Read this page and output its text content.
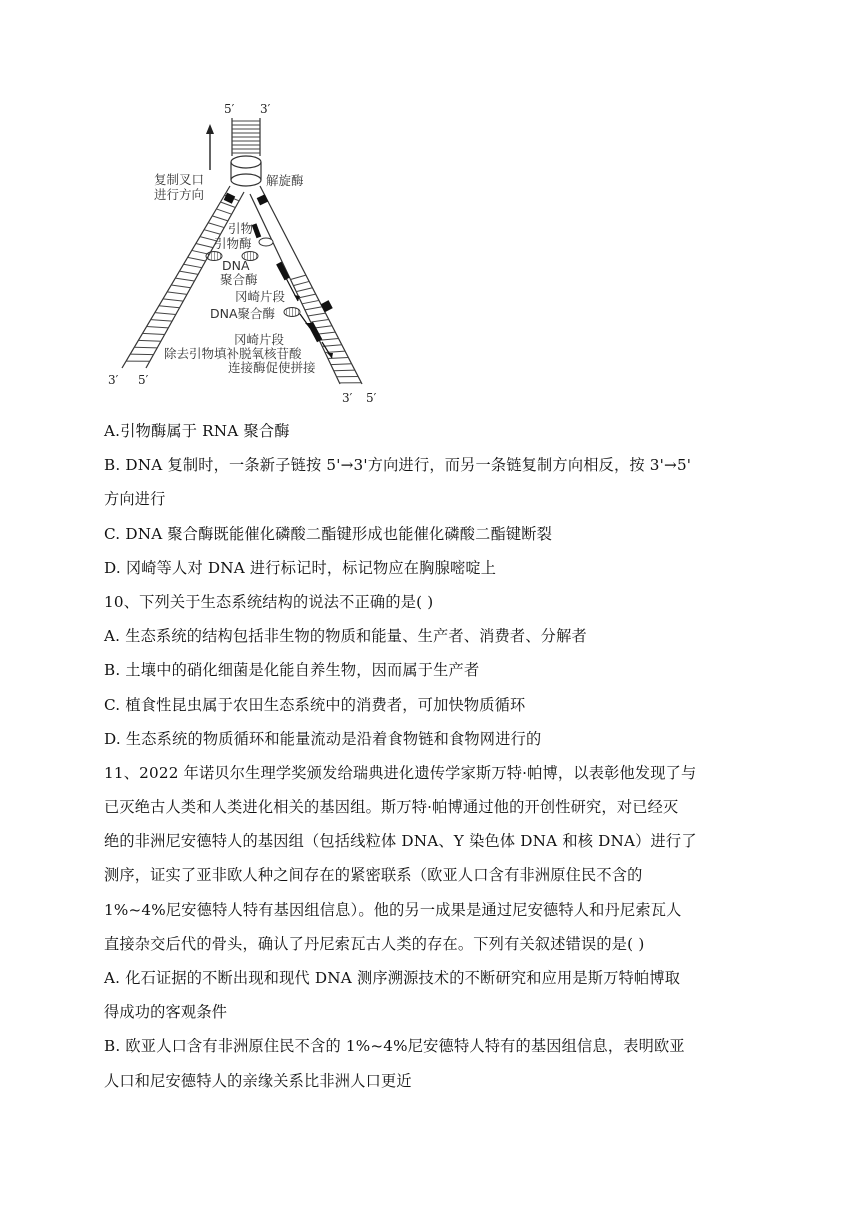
5′ 3′
复制叉口
进行方向
解旋酶
引物
引物酶
DNA
聚合酶
冈崎片段
DNA聚合酶
冈崎片段
除去引物填补脱氧核苷酸
连接酶促使拼接
3′ 5′
3′ 5′
A.引物酶属于 RNA 聚合酶
B. DNA 复制时，一条新子链按 5'→3'方向进行，而另一条链复制方向相反，按 3'→5'
方向进行
C. DNA 聚合酶既能催化磷酸二酯键形成也能催化磷酸二酯键断裂
D. 冈崎等人对 DNA 进行标记时，标记物应在胸腺嘧啶上
10、下列关于生态系统结构的说法不正确的是( )
A. 生态系统的结构包括非生物的物质和能量、生产者、消费者、分解者
B. 土壤中的硝化细菌是化能自养生物，因而属于生产者
C. 植食性昆虫属于农田生态系统中的消费者，可加快物质循环
D. 生态系统的物质循环和能量流动是沿着食物链和食物网进行的
11、2022 年诺贝尔生理学奖颁发给瑞典进化遗传学家斯万特·帕博，以表彰他发现了与
已灭绝古人类和人类进化相关的基因组。斯万特·帕博通过他的开创性研究，对已经灭
绝的非洲尼安德特人的基因组（包括线粒体 DNA、Y 染色体 DNA 和核 DNA）进行了
测序，证实了亚非欧人种之间存在的紧密联系（欧亚人口含有非洲原住民不含的
1%~4%尼安德特人特有基因组信息）。他的另一成果是通过尼安德特人和丹尼索瓦人
直接杂交后代的骨头，确认了丹尼索瓦古人类的存在。下列有关叙述错误的是( )
A. 化石证据的不断出现和现代 DNA 测序溯源技术的不断研究和应用是斯万特帕博取
得成功的客观条件
B. 欧亚人口含有非洲原住民不含的 1%~4%尼安德特人特有的基因组信息，表明欧亚
人口和尼安德特人的亲缘关系比非洲人口更近
